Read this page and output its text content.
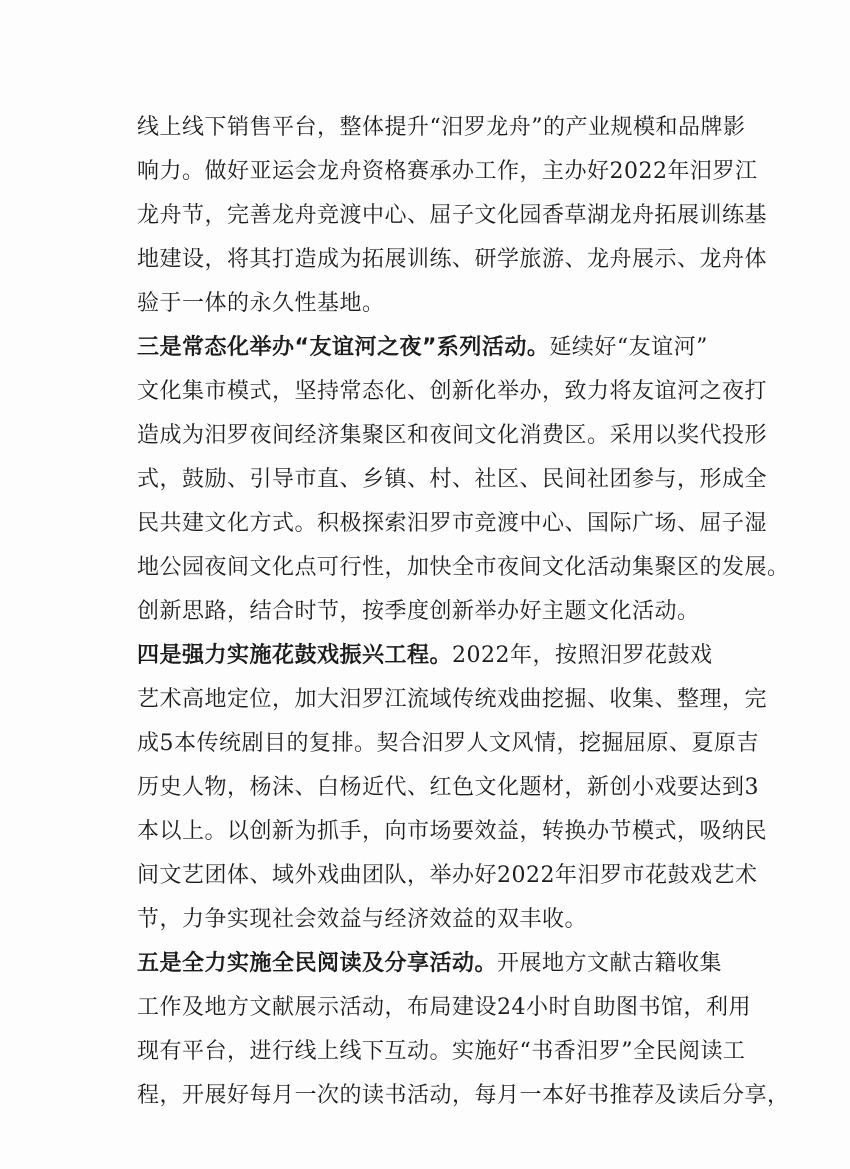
线上线下销售平台，整体提升“汨罗龙舟”的产业规模和品牌影
响力。做好亚运会龙舟资格赛承办工作，主办好2022年汨罗江
龙舟节，完善龙舟竞渡中心、屈子文化园香草湖龙舟拓展训练基
地建设，将其打造成为拓展训练、研学旅游、龙舟展示、龙舟体
验于一体的永久性基地。
三是常态化举办“友谊河之夜”系列活动。延续好“友谊河”
文化集市模式，坚持常态化、创新化举办，致力将友谊河之夜打
造成为汨罗夜间经济集聚区和夜间文化消费区。采用以奖代投形
式，鼓励、引导市直、乡镇、村、社区、民间社团参与，形成全
民共建文化方式。积极探索汨罗市竞渡中心、国际广场、屈子湿
地公园夜间文化点可行性，加快全市夜间文化活动集聚区的发展。
创新思路，结合时节，按季度创新举办好主题文化活动。
四是强力实施花鼓戏振兴工程。2022年，按照汨罗花鼓戏
艺术高地定位，加大汨罗江流域传统戏曲挖掘、收集、整理，完
成5本传统剧目的复排。契合汨罗人文风情，挖掘屈原、夏原吉
历史人物，杨沫、白杨近代、红色文化题材，新创小戏要达到3
本以上。以创新为抓手，向市场要效益，转换办节模式，吸纳民
间文艺团体、域外戏曲团队，举办好2022年汨罗市花鼓戏艺术
节，力争实现社会效益与经济效益的双丰收。
五是全力实施全民阅读及分享活动。开展地方文献古籍收集
工作及地方文献展示活动，布局建设24小时自助图书馆，利用
现有平台，进行线上线下互动。实施好“书香汨罗”全民阅读工
程，开展好每月一次的读书活动，每月一本好书推荐及读后分享，
